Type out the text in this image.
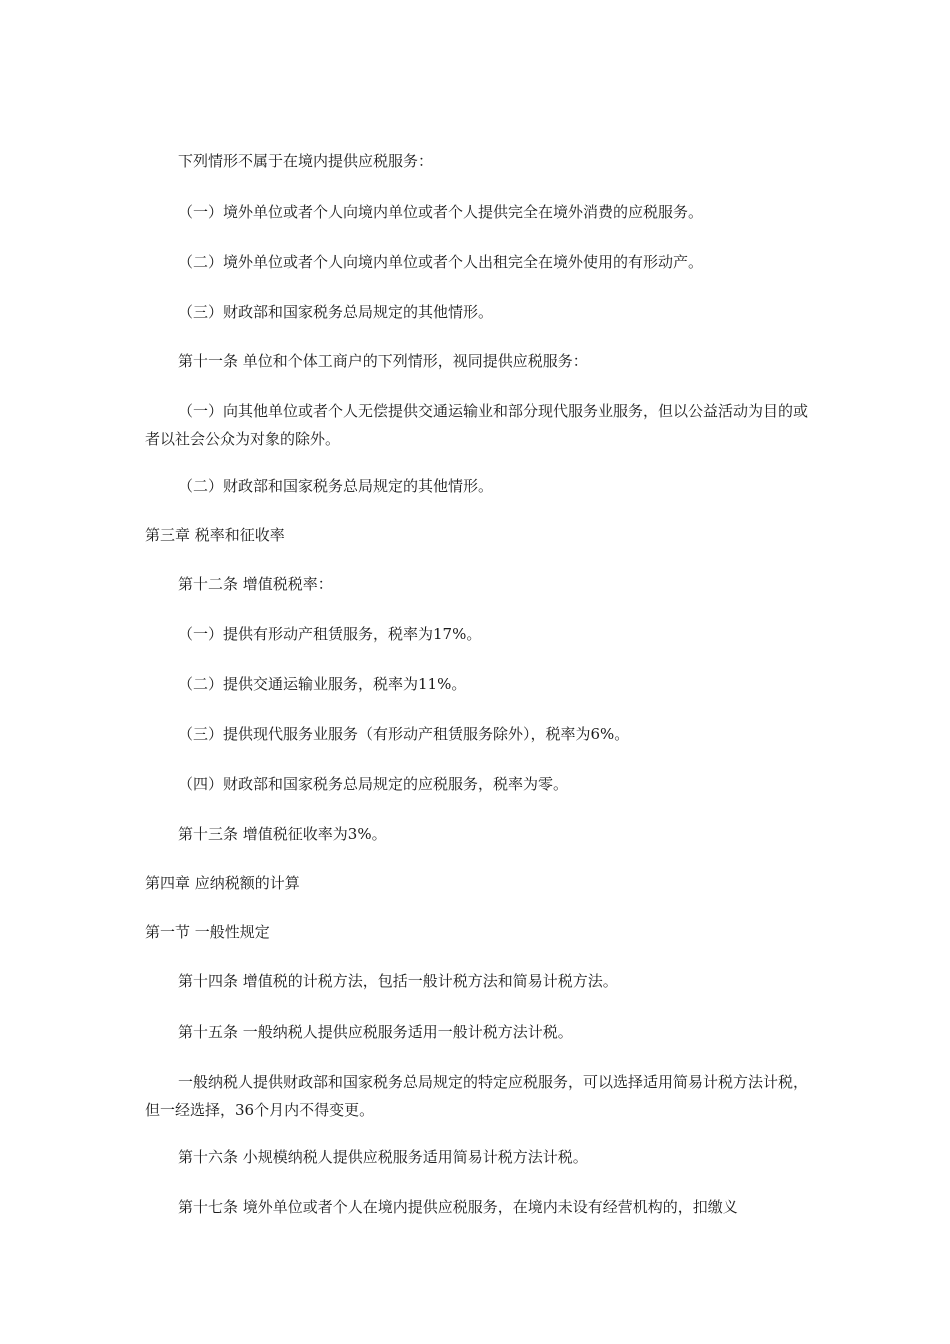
下列情形不属于在境内提供应税服务：

（一）境外单位或者个人向境内单位或者个人提供完全在境外消费的应税服务。

（二）境外单位或者个人向境内单位或者个人出租完全在境外使用的有形动产。

（三）财政部和国家税务总局规定的其他情形。

第十一条 单位和个体工商户的下列情形，视同提供应税服务：

（一）向其他单位或者个人无偿提供交通运输业和部分现代服务业服务，但以公益活动为目的或者以社会公众为对象的除外。

（二）财政部和国家税务总局规定的其他情形。

第三章 税率和征收率

第十二条 增值税税率：

（一）提供有形动产租赁服务，税率为17%。

（二）提供交通运输业服务，税率为11%。

（三）提供现代服务业服务（有形动产租赁服务除外），税率为6%。

（四）财政部和国家税务总局规定的应税服务，税率为零。

第十三条 增值税征收率为3%。

第四章 应纳税额的计算

第一节 一般性规定

第十四条 增值税的计税方法，包括一般计税方法和简易计税方法。

第十五条 一般纳税人提供应税服务适用一般计税方法计税。

一般纳税人提供财政部和国家税务总局规定的特定应税服务，可以选择适用简易计税方法计税，但一经选择，36个月内不得变更。

第十六条 小规模纳税人提供应税服务适用简易计税方法计税。

第十七条 境外单位或者个人在境内提供应税服务，在境内未设有经营机构的，扣缴义
